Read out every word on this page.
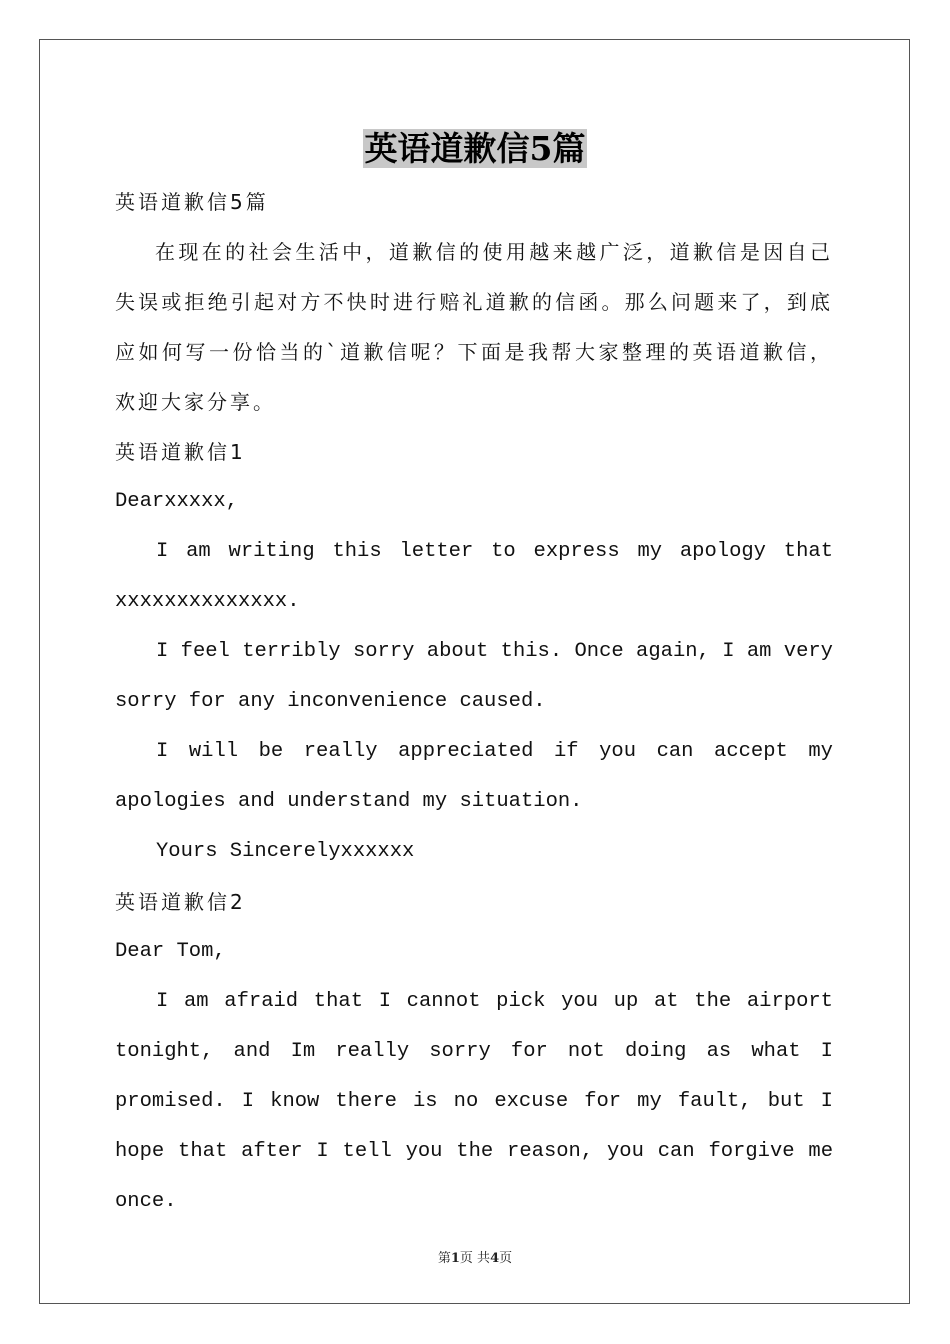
英语道歉信5篇

英语道歉信5篇

在现在的社会生活中，道歉信的使用越来越广泛，道歉信是因自己失误或拒绝引起对方不快时进行赔礼道歉的信函。那么问题来了，到底应如何写一份恰当的`道歉信呢？下面是我帮大家整理的英语道歉信，欢迎大家分享。

英语道歉信1

Dearxxxxx,

I am writing this letter to express my apology that xxxxxxxxxxxxxx.

I feel terribly sorry about this. Once again, I am very sorry for any inconvenience caused.

I will be really appreciated if you can accept my apologies and understand my situation.

Yours Sincerelyxxxxxx

英语道歉信2

Dear Tom,

I am afraid that I cannot pick you up at the airport tonight, and Im really sorry for not doing as what I promised. I know there is no excuse for my fault, but I hope that after I tell you the reason, you can forgive me once.

第1页 共4页
